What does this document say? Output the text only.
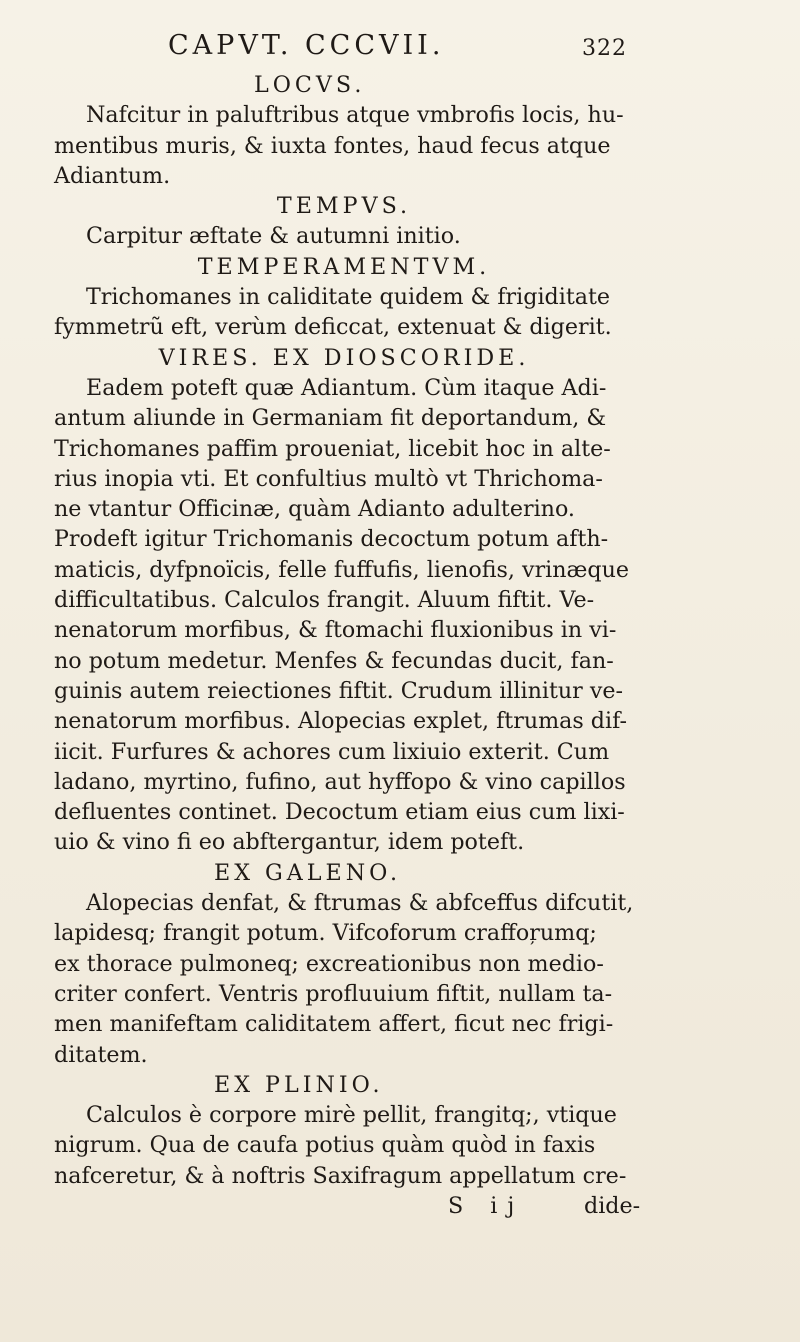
CAPVT. CCCVII.	322
LOCVS.
Nafcitur in paluftribus atque vmbrofis locis, hu-
mentibus muris, & iuxta fontes, haud fecus atque
Adiantum.
TEMPVS.
Carpitur æftate & autumni initio.
TEMPERAMENTVM.
Trichomanes in caliditate quidem & frigiditate
fymmetrũ eft, verùm deficcat, extenuat & digerit.
VIRES. EX DIOSCORIDE.
Eadem poteft quæ Adiantum. Cùm itaque Adi-
antum aliunde in Germaniam fit deportandum, &
Trichomanes paffim proueniat, licebit hoc in alte-
rius inopia vti. Et confultius multò vt Thrichoma-
ne vtantur Officinæ, quàm Adianto adulterino.
Prodeft igitur Trichomanis decoctum potum afth-
maticis, dyfpnoïcis, felle fuffufis, lienofis, vrinæque
difficultatibus. Calculos frangit. Aluum fiftit. Ve-
nenatorum morfibus, & ftomachi fluxionibus in vi-
no potum medetur. Menfes & fecundas ducit, fan-
guinis autem reiectiones fiftit. Crudum illinitur ve-
nenatorum morfibus. Alopecias explet, ftrumas dif-
iicit. Furfures & achores cum lixiuio exterit. Cum
ladano, myrtino, fufino, aut hyffopo & vino capillos
defluentes continet. Decoctum etiam eius cum lixi-
uio & vino fi eo abftergantur, idem poteft.
EX GALENO.
Alopecias denfat, & ftrumas & abfceffus difcutit,
lapidesq; frangit potum. Vifcoforum craffoŗumq;
ex thorace pulmoneq; excreationibus non medio-
criter confert. Ventris profluuium fiftit, nullam ta-
men manifeftam caliditatem affert, ficut nec frigi-
ditatem.
EX PLINIO.
Calculos è corpore mirè pellit, frangitq;, vtique
nigrum. Qua de caufa potius quàm quòd in faxis
nafceretur, & à noftris Saxifragum appellatum cre-
S ij	dide-
